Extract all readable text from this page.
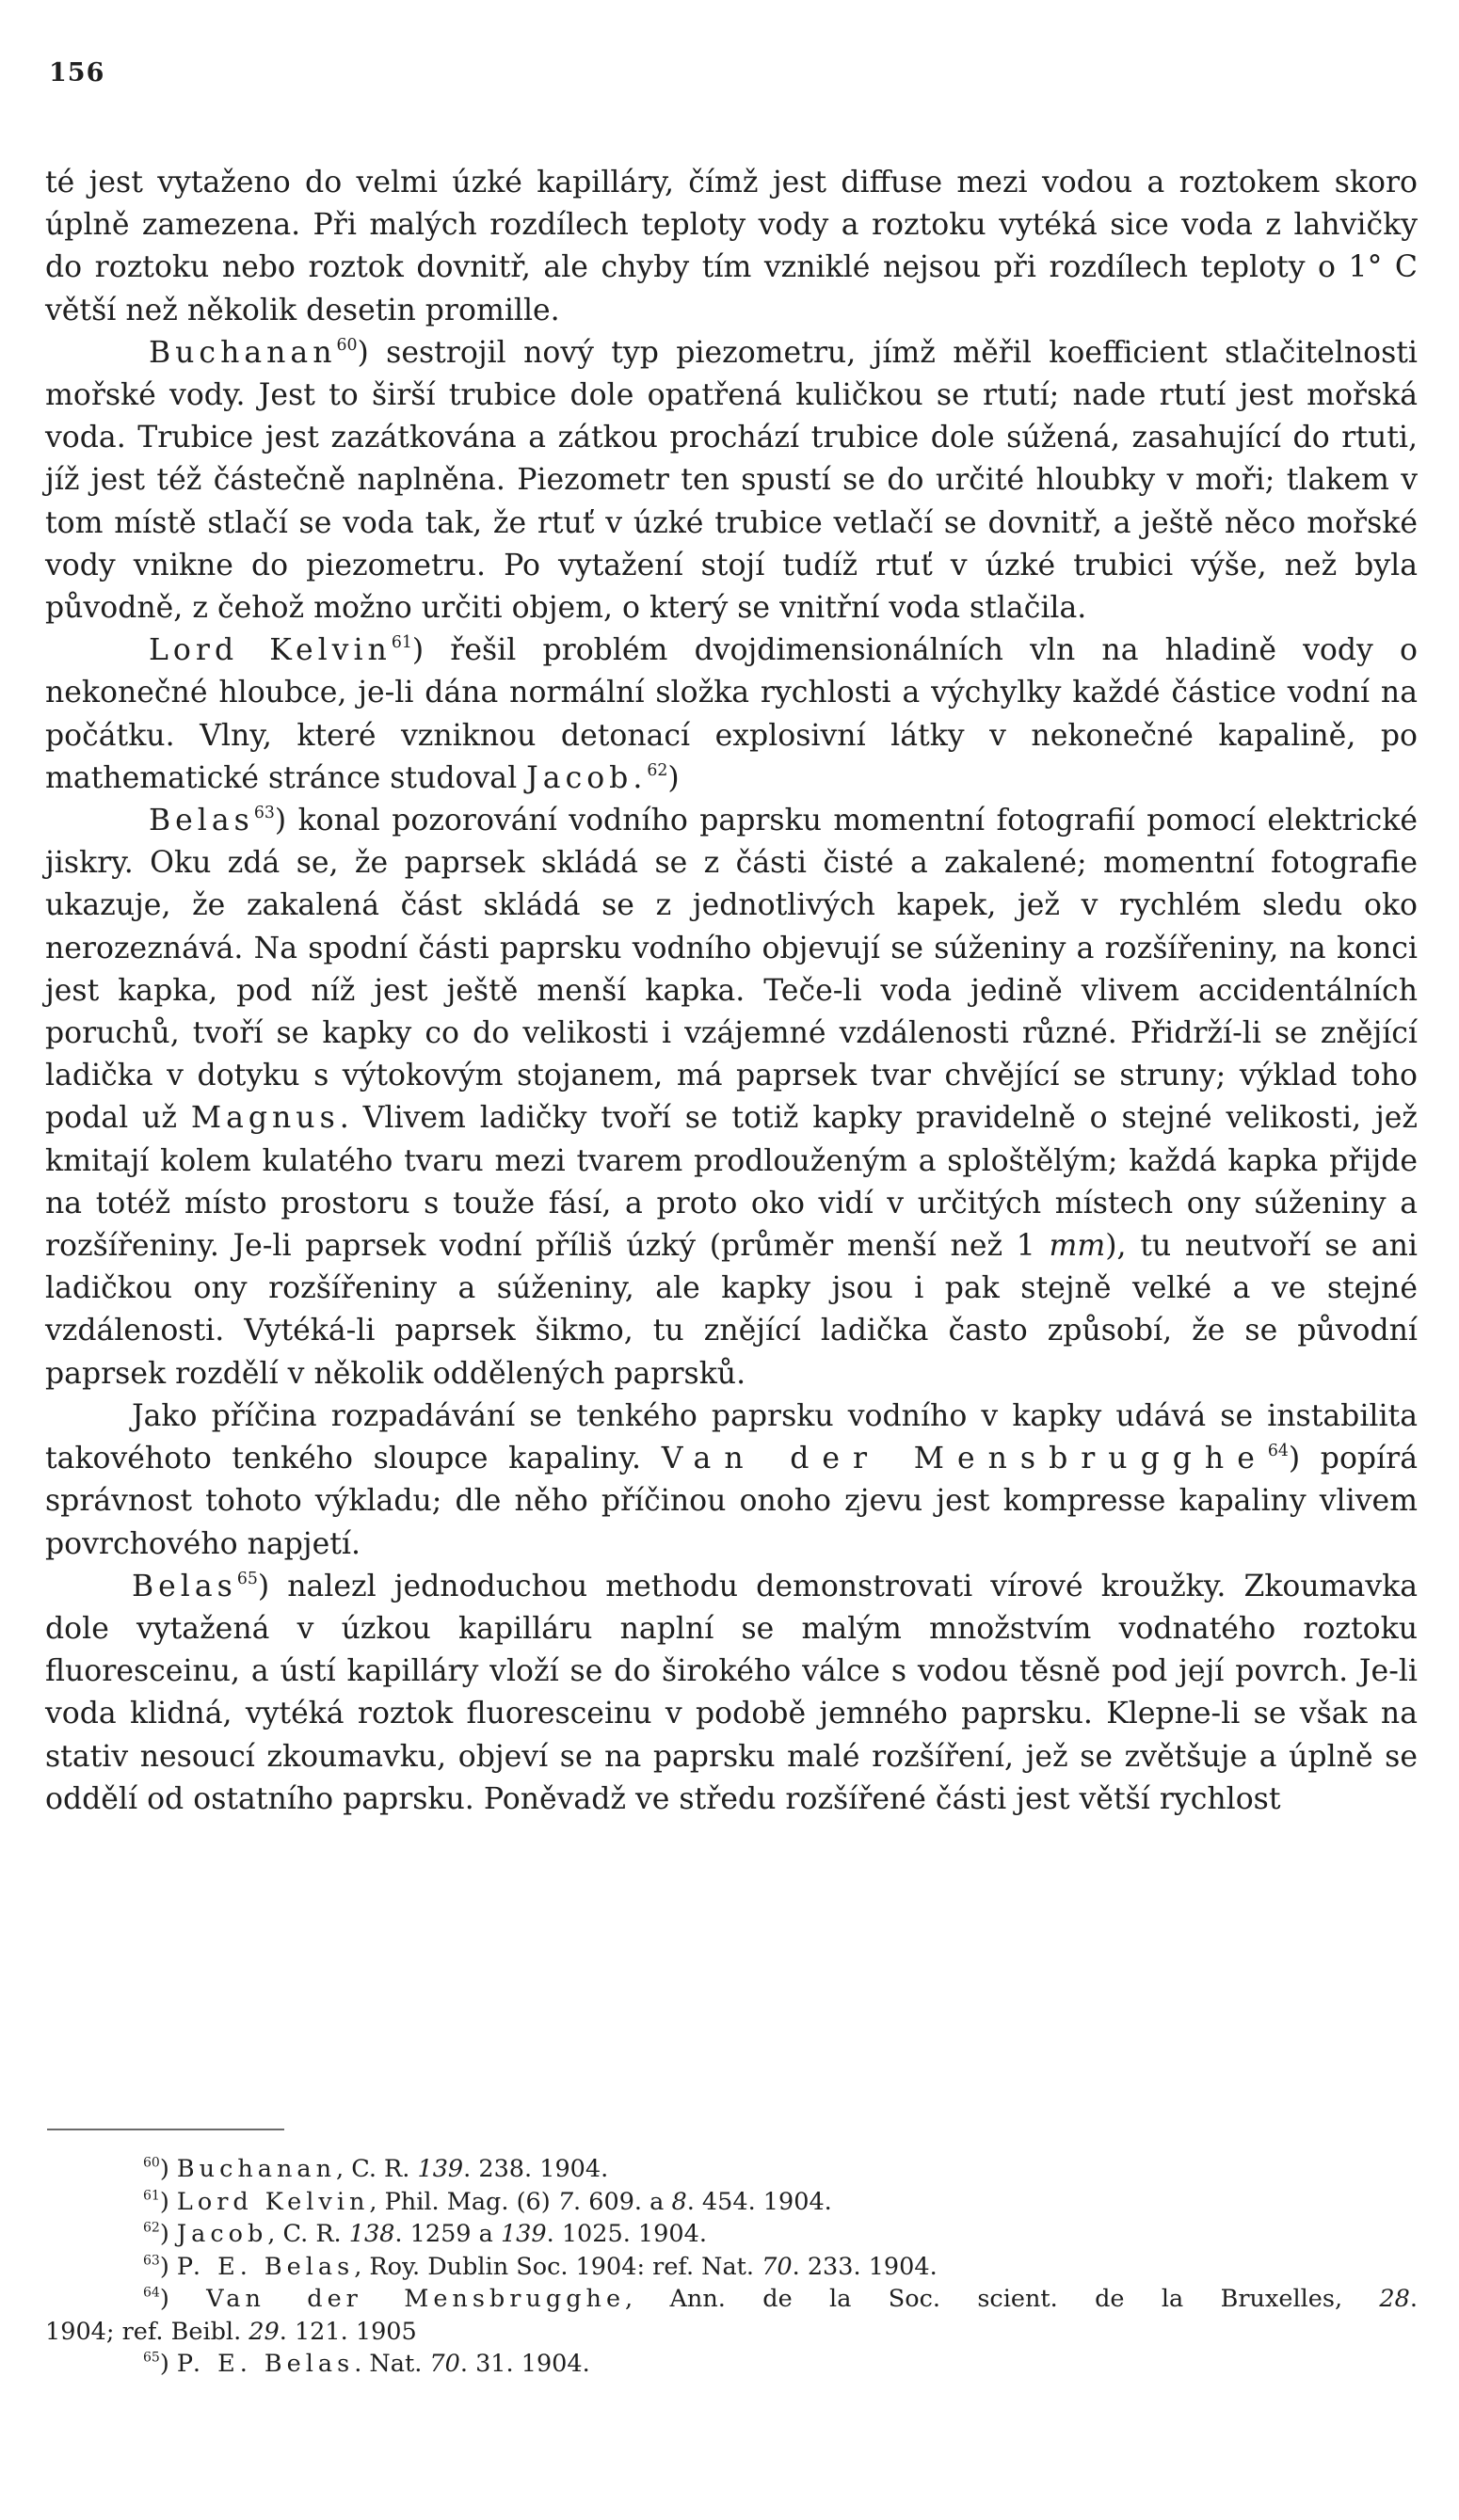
156

té jest vytaženo do velmi úzké kapilláry, čímž jest diffuse mezi vodou a roztokem skoro úplně zamezena. Při malých rozdílech teploty vody a roztoku vytéká sice voda z lahvičky do roztoku nebo roztok dovnitř, ale chyby tím vzniklé nejsou při rozdílech teploty o 1° C větší než několik desetin promille.

Buchanan$^{60}$) sestrojil nový typ piezometru, jímž měřil koefficient stlačitelnosti mořské vody. Jest to širší trubice dole opatřená kuličkou se rtutí; nade rtutí jest mořská voda. Trubice jest zazátkována a zátkou prochází trubice dole súžená, zasahující do rtuti, jíž jest též částečně naplněna. Piezometr ten spustí se do určité hloubky v moři; tlakem v tom místě stlačí se voda tak, že rtuť v úzké trubice vetlačí se dovnitř, a ještě něco mořské vody vnikne do piezometru. Po vytažení stojí tudíž rtuť v úzké trubici výše, než byla původně, z čehož možno určiti objem, o který se vnitřní voda stlačila.

Lord Kelvin$^{61}$) řešil problém dvojdimensionálních vln na hladině vody o nekonečné hloubce, je-li dána normální složka rychlosti a výchylky každé částice vodní na počátku. Vlny, které vzniknou detonací explosivní látky v nekonečné kapalině, po mathematické stránce studoval Jacob.$^{62}$)

Belas$^{63}$) konal pozorování vodního paprsku momentní fotografií pomocí elektrické jiskry. Oku zdá se, že paprsek skládá se z části čisté a zakalené; momentní fotografie ukazuje, že zakalená část skládá se z jednotlivých kapek, jež v rychlém sledu oko nerozeznává. Na spodní části paprsku vodního objevují se súženiny a rozšířeniny, na konci jest kapka, pod níž jest ještě menší kapka. Teče-li voda jedině vlivem accidentálních poruchů, tvoří se kapky co do velikosti i vzájemné vzdálenosti různé. Přidrží-li se znějící ladička v dotyku s výtokovým stojanem, má paprsek tvar chvějící se struny; výklad toho podal už Magnus. Vlivem ladičky tvoří se totiž kapky pravidelně o stejné velikosti, jež kmitají kolem kulatého tvaru mezi tvarem prodlouženým a sploštělým; každá kapka přijde na totéž místo prostoru s touže fásí, a proto oko vidí v určitých místech ony súženiny a rozšířeniny. Je-li paprsek vodní příliš úzký (průměr menší než 1 mm), tu neutvoří se ani ladičkou ony rozšířeniny a súženiny, ale kapky jsou i pak stejně velké a ve stejné vzdálenosti. Vytéká-li paprsek šikmo, tu znějící ladička často způsobí, že se původní paprsek rozdělí v několik oddělených paprsků.

Jako příčina rozpadávání se tenkého paprsku vodního v kapky udává se instabilita takovéhoto tenkého sloupce kapaliny. Van der Mensbrugghe$^{64}$) popírá správnost tohoto výkladu; dle něho příčinou onoho zjevu jest kompresse kapaliny vlivem povrchového napjetí.

Belas$^{65}$) nalezl jednoduchou methodu demonstrovati vírové kroužky. Zkoumavka dole vytažená v úzkou kapilláru naplní se malým množstvím vodnatého roztoku fluoresceinu, a ústí kapilláry vloží se do širokého válce s vodou těsně pod její povrch. Je-li voda klidná, vytéká roztok fluoresceinu v podobě jemného paprsku. Klepne-li se však na stativ nesoucí zkoumavku, objeví se na paprsku malé rozšíření, jež se zvětšuje a úplně se oddělí od ostatního paprsku. Poněvadž ve středu rozšířené části jest větší rychlost

$^{60}$) Buchanan, C. R. 139. 238. 1904.

$^{61}$) Lord Kelvin, Phil. Mag. (6) 7. 609. a 8. 454. 1904.

$^{62}$) Jacob, C. R. 138. 1259 a 139. 1025. 1904.

$^{63}$) P. E. Belas, Roy. Dublin Soc. 1904: ref. Nat. 70. 233. 1904.

$^{64}$) Van der Mensbrugghe, Ann. de la Soc. scient. de la Bruxelles, 28.

1904; ref. Beibl. 29. 121. 1905

$^{65}$) P. E. Belas. Nat. 70. 31. 1904.
